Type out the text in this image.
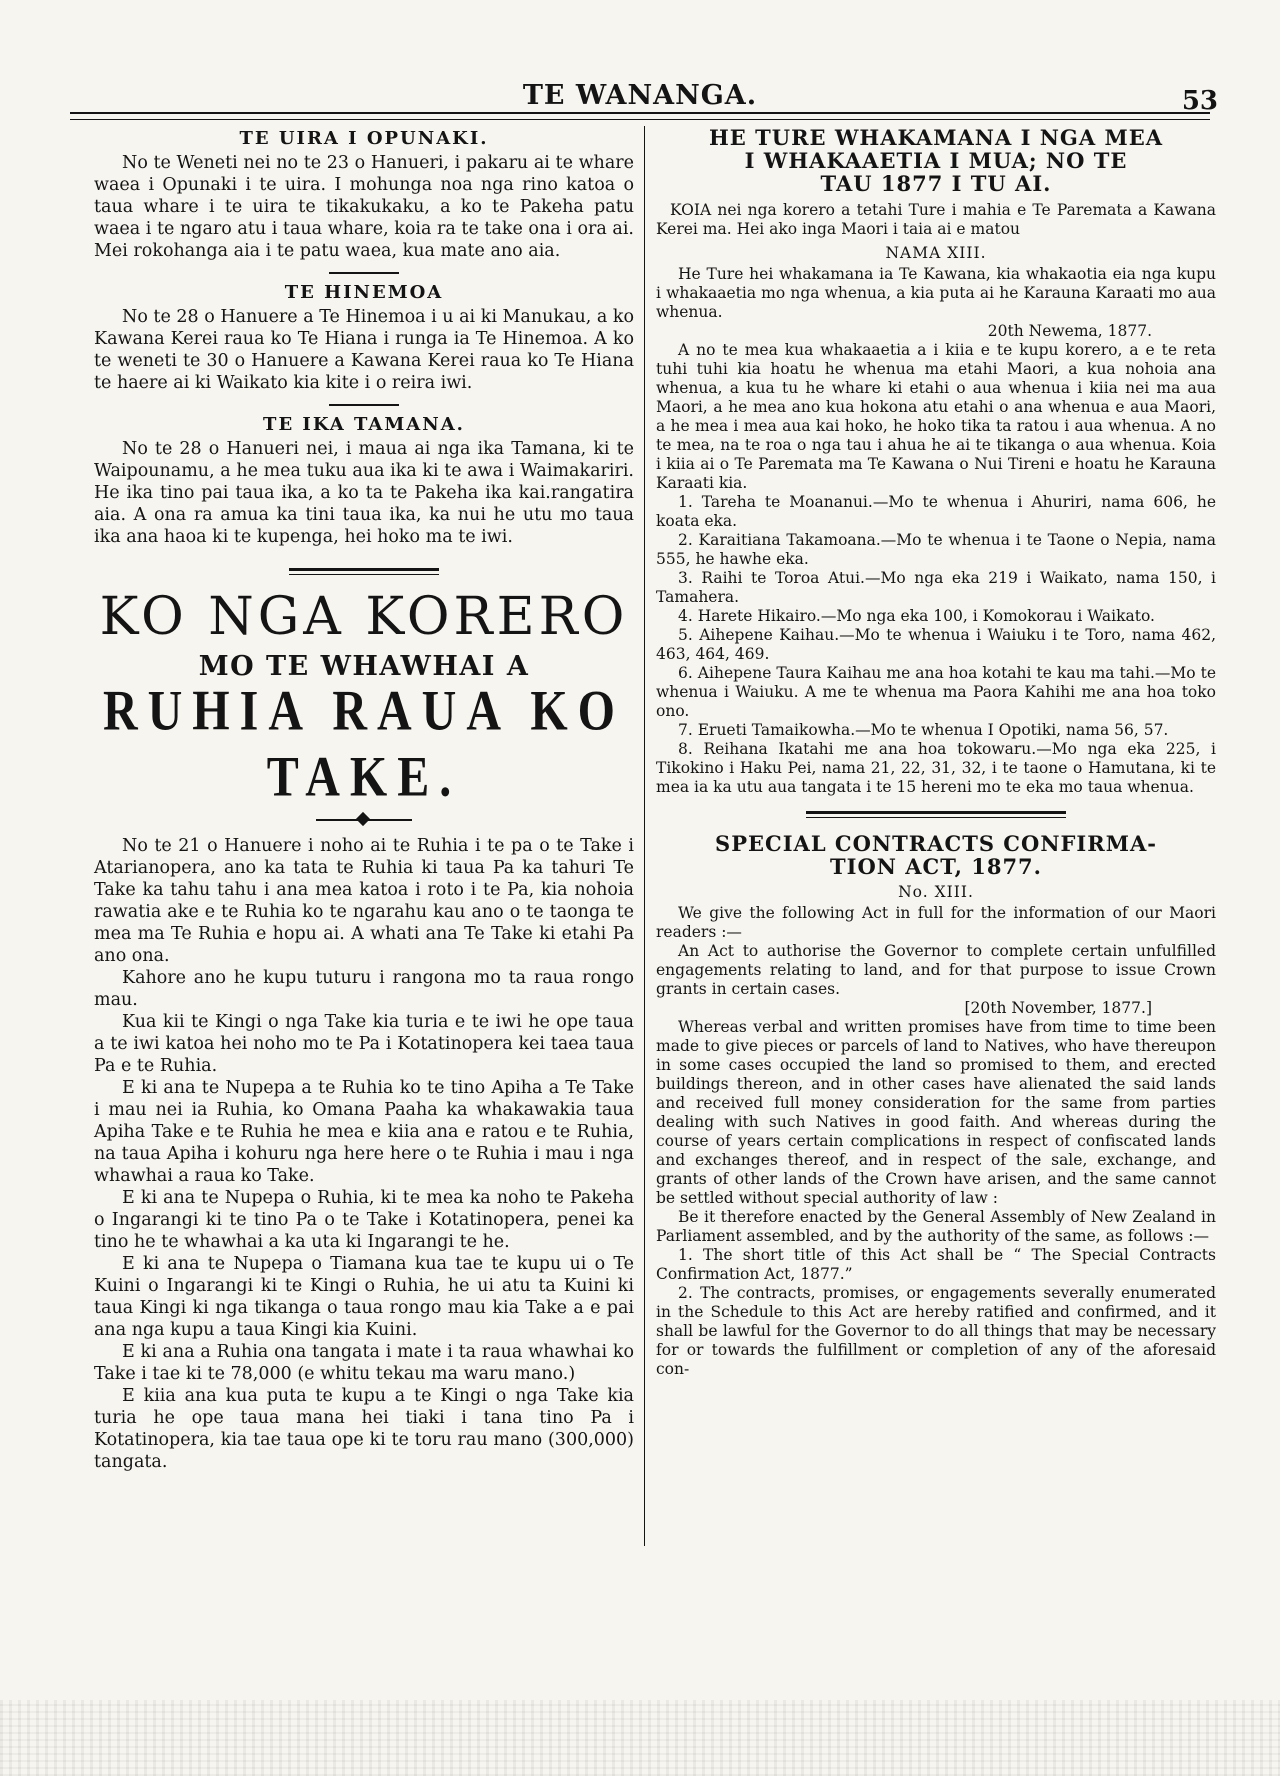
TE WANANGA.	53
TE UIRA I OPUNAKI.

No te Weneti nei no te 23 o Hanueri, i pakaru ai te whare waea i Opunaki i te uira. I mohunga noa nga rino katoa o taua whare i te uira te tikakukaku, a ko te Pakeha patu waea i te ngaro atu i taua whare, koia ra te take ona i ora ai. Mei rokohanga aia i te patu waea, kua mate ano aia.

TE HINEMOA

No te 28 o Hanuere a Te Hinemoa i u ai ki Manukau, a ko Kawana Kerei raua ko Te Hiana i runga ia Te Hinemoa. A ko te weneti te 30 o Hanuere a Kawana Kerei raua ko Te Hiana te haere ai ki Waikato kia kite i o reira iwi.

TE IKA TAMANA.

No te 28 o Hanueri nei, i maua ai nga ika Tamana, ki te Waipounamu, a he mea tuku aua ika ki te awa i Waimakariri. He ika tino pai taua ika, a ko ta te Pakeha ika kai.rangatira aia. A ona ra amua ka tini taua ika, ka nui he utu mo taua ika ana haoa ki te kupenga, hei hoko ma te iwi.

KO NGA KORERO
MO TE WHAWHAI A
RUHIA RAUA KO TAKE.

No te 21 o Hanuere i noho ai te Ruhia i te pa o te Take i Atarianopera, ano ka tata te Ruhia ki taua Pa ka tahuri Te Take ka tahu tahu i ana mea katoa i roto i te Pa, kia nohoia rawatia ake e te Ruhia ko te ngarahu kau ano o te taonga te mea ma Te Ruhia e hopu ai. A whati ana Te Take ki etahi Pa ano ona.

Kahore ano he kupu tuturu i rangona mo ta raua rongo mau.

Kua kii te Kingi o nga Take kia turia e te iwi he ope taua a te iwi katoa hei noho mo te Pa i Kotatinopera kei taea taua Pa e te Ruhia.

E ki ana te Nupepa a te Ruhia ko te tino Apiha a Te Take i mau nei ia Ruhia, ko Omana Paaha ka whakawakia taua Apiha Take e te Ruhia he mea e kiia ana e ratou e te Ruhia, na taua Apiha i kohuru nga here here o te Ruhia i mau i nga whawhai a raua ko Take.

E ki ana te Nupepa o Ruhia, ki te mea ka noho te Pakeha o Ingarangi ki te tino Pa o te Take i Kotatinopera, penei ka tino he te whawhai a ka uta ki Ingarangi te he.

E ki ana te Nupepa o Tiamana kua tae te kupu ui o Te Kuini o Ingarangi ki te Kingi o Ruhia, he ui atu ta Kuini ki taua Kingi ki nga tikanga o taua rongo mau kia Take a e pai ana nga kupu a taua Kingi kia Kuini.

E ki ana a Ruhia ona tangata i mate i ta raua whawhai ko Take i tae ki te 78,000 (e whitu tekau ma waru mano.)

E kiia ana kua puta te kupu a te Kingi o nga Take kia turia he ope taua mana hei tiaki i tana tino Pa i Kotatinopera, kia tae taua ope ki te toru rau mano (300,000) tangata.

HE TURE WHAKAMANA I NGA MEA
I WHAKAAETIA I MUA; NO TE
TAU 1877 I TU AI.

KOIA nei nga korero a tetahi Ture i mahia e Te Paremata a Kawana Kerei ma. Hei ako inga Maori i taia ai e matou

NAMA XIII.

He Ture hei whakamana ia Te Kawana, kia whakaotia eia nga kupu i whakaaetia mo nga whenua, a kia puta ai he Karauna Karaati mo aua whenua.

20th Newema, 1877.

A no te mea kua whakaaetia a i kiia e te kupu korero, a e te reta tuhi tuhi kia hoatu he whenua ma etahi Maori, a kua nohoia ana whenua, a kua tu he whare ki etahi o aua whenua i kiia nei ma aua Maori, a he mea ano kua hokona atu etahi o ana whenua e aua Maori, a he mea i mea aua kai hoko, he hoko tika ta ratou i aua whenua. A no te mea, na te roa o nga tau i ahua he ai te tikanga o aua whenua. Koia i kiia ai o Te Paremata ma Te Kawana o Nui Tireni e hoatu he Karauna Karaati kia.

1. Tareha te Moananui.—Mo te whenua i Ahuriri, nama 606, he koata eka.

2. Karaitiana Takamoana.—Mo te whenua i te Taone o Nepia, nama 555, he hawhe eka.

3. Raihi te Toroa Atui.—Mo nga eka 219 i Waikato, nama 150, i Tamahera.

4. Harete Hikairo.—Mo nga eka 100, i Komokorau i Waikato.

5. Aihepene Kaihau.—Mo te whenua i Waiuku i te Toro, nama 462, 463, 464, 469.

6. Aihepene Taura Kaihau me ana hoa kotahi te kau ma tahi.—Mo te whenua i Waiuku. A me te whenua ma Paora Kahihi me ana hoa toko ono.

7. Erueti Tamaikowha.—Mo te whenua I Opotiki, nama 56, 57.

8. Reihana Ikatahi me ana hoa tokowaru.—Mo nga eka 225, i Tikokino i Haku Pei, nama 21, 22, 31, 32, i te taone o Hamutana, ki te mea ia ka utu aua tangata i te 15 hereni mo te eka mo taua whenua.

SPECIAL CONTRACTS CONFIRMA-
TION ACT, 1877.
No. XIII.

We give the following Act in full for the information of our Maori readers :—

An Act to authorise the Governor to complete certain unfulfilled engagements relating to land, and for that purpose to issue Crown grants in certain cases.

[20th November, 1877.]

Whereas verbal and written promises have from time to time been made to give pieces or parcels of land to Natives, who have thereupon in some cases occupied the land so promised to them, and erected buildings thereon, and in other cases have alienated the said lands and received full money consideration for the same from parties dealing with such Natives in good faith. And whereas during the course of years certain complications in respect of confiscated lands and exchanges thereof, and in respect of the sale, exchange, and grants of other lands of the Crown have arisen, and the same cannot be settled without special authority of law :

Be it therefore enacted by the General Assembly of New Zealand in Parliament assembled, and by the authority of the same, as follows :—

1. The short title of this Act shall be “ The Special Contracts Confirmation Act, 1877.”

2. The contracts, promises, or engagements severally enumerated in the Schedule to this Act are hereby ratified and confirmed, and it shall be lawful for the Governor to do all things that may be necessary for or towards the fulfillment or completion of any of the aforesaid con-
